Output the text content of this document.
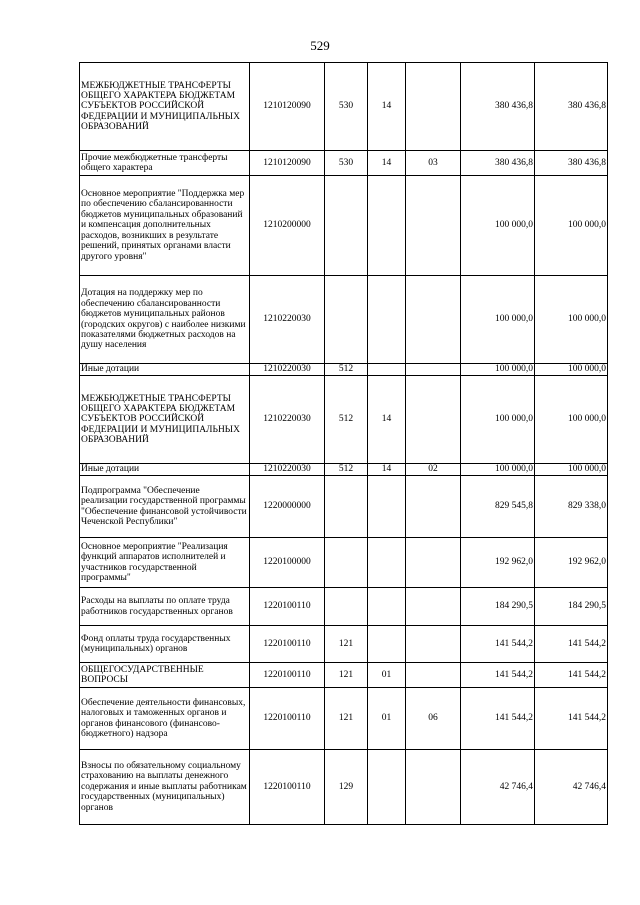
529
МЕЖБЮДЖЕТНЫЕ ТРАНСФЕРТЫ ОБЩЕГО ХАРАКТЕРА БЮДЖЕТАМ СУБЪЕКТОВ РОССИЙСКОЙ ФЕДЕРАЦИИ И МУНИЦИПАЛЬНЫХ ОБРАЗОВАНИЙ	1210120090	530	14		380 436,8	380 436,8
Прочие межбюджетные трансферты общего характера	1210120090	530	14	03	380 436,8	380 436,8
Основное мероприятие "Поддержка мер по обеспечению сбалансированности бюджетов муниципальных образований и компенсация дополнительных расходов, возникших в результате решений, принятых органами власти другого уровня"	1210200000				100 000,0	100 000,0
Дотация на поддержку мер по обеспечению сбалансированности бюджетов муниципальных районов (городских округов) с наиболее низкими показателями бюджетных расходов на душу населения	1210220030				100 000,0	100 000,0
Иные дотации	1210220030	512			100 000,0	100 000,0
МЕЖБЮДЖЕТНЫЕ ТРАНСФЕРТЫ ОБЩЕГО ХАРАКТЕРА БЮДЖЕТАМ СУБЪЕКТОВ РОССИЙСКОЙ ФЕДЕРАЦИИ И МУНИЦИПАЛЬНЫХ ОБРАЗОВАНИЙ	1210220030	512	14		100 000,0	100 000,0
Иные дотации	1210220030	512	14	02	100 000,0	100 000,0
Подпрограмма "Обеспечение реализации государственной программы "Обеспечение финансовой устойчивости Чеченской Республики"	1220000000				829 545,8	829 338,0
Основное мероприятие "Реализация функций аппаратов исполнителей и участников государственной программы"	1220100000				192 962,0	192 962,0
Расходы на выплаты по оплате труда работников государственных органов	1220100110				184 290,5	184 290,5
Фонд оплаты труда государственных (муниципальных) органов	1220100110	121			141 544,2	141 544,2
ОБЩЕГОСУДАРСТВЕННЫЕ ВОПРОСЫ	1220100110	121	01		141 544,2	141 544,2
Обеспечение деятельности финансовых, налоговых и таможенных органов и органов финансового (финансово-бюджетного) надзора	1220100110	121	01	06	141 544,2	141 544,2
Взносы по обязательному социальному страхованию на выплаты денежного содержания и иные выплаты работникам государственных (муниципальных) органов	1220100110	129			42 746,4	42 746,4
